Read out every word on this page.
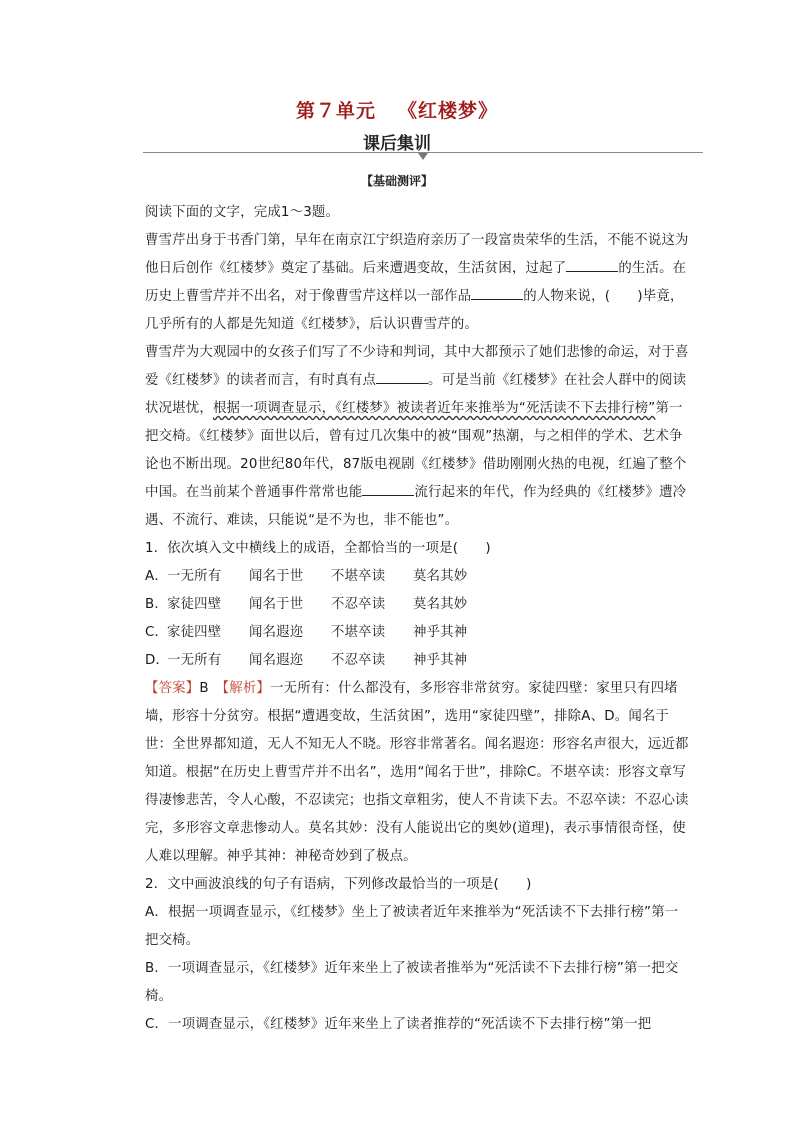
第７单元 《红楼梦》
课后集训
【基础测评】

阅读下面的文字，完成1～3题。

曹雪芹出身于书香门第，早年在南京江宁织造府亲历了一段富贵荣华的生活，不能不说这为他日后创作《红楼梦》奠定了基础。后来遭遇变故，生活贫困，过起了	的生活。在历史上曹雪芹并不出名，对于像曹雪芹这样以一部作品	的人物来说，(　　)毕竟，几乎所有的人都是先知道《红楼梦》，后认识曹雪芹的。

曹雪芹为大观园中的女孩子们写了不少诗和判词，其中大都预示了她们悲惨的命运，对于喜爱《红楼梦》的读者而言，有时真有点	。可是当前《红楼梦》在社会人群中的阅读状况堪忧，根据一项调查显示，《红楼梦》被读者近年来推举为“死活读不下去排行榜”第一把交椅。《红楼梦》面世以后，曾有过几次集中的被“围观”热潮，与之相伴的学术、艺术争论也不断出现。20世纪80年代，87版电视剧《红楼梦》借助刚刚火热的电视，红遍了整个中国。在当前某个普通事件常常也能	流行起来的年代，作为经典的《红楼梦》遭冷遇、不流行、难读，只能说“是不为也，非不能也”。

1．依次填入文中横线上的成语，全都恰当的一项是(　　)

A．一无所有 闻名于世 不堪卒读 莫名其妙

B．家徒四壁 闻名于世 不忍卒读 莫名其妙

C．家徒四壁 闻名遐迩 不堪卒读 神乎其神

D．一无所有 闻名遐迩 不忍卒读 神乎其神

【答案】B　 【解析】一无所有：什么都没有，多形容非常贫穷。家徒四壁：家里只有四堵墙，形容十分贫穷。根据“遭遇变故，生活贫困”，选用“家徒四壁”，排除A、D。闻名于世：全世界都知道，无人不知无人不晓。形容非常著名。闻名遐迩：形容名声很大，远近都知道。根据“在历史上曹雪芹并不出名”，选用“闻名于世”，排除C。不堪卒读：形容文章写得凄惨悲苦，令人心酸，不忍读完；也指文章粗劣，使人不肯读下去。不忍卒读：不忍心读完，多形容文章悲惨动人。莫名其妙：没有人能说出它的奥妙(道理)，表示事情很奇怪，使人难以理解。神乎其神：神秘奇妙到了极点。

2．文中画波浪线的句子有语病，下列修改最恰当的一项是(　　)

A．根据一项调查显示，《红楼梦》坐上了被读者近年来推举为“死活读不下去排行榜”第一把交椅。

B．一项调查显示，《红楼梦》近年来坐上了被读者推举为“死活读不下去排行榜”第一把交椅。

C．一项调查显示，《红楼梦》近年来坐上了读者推荐的“死活读不下去排行榜”第一把
